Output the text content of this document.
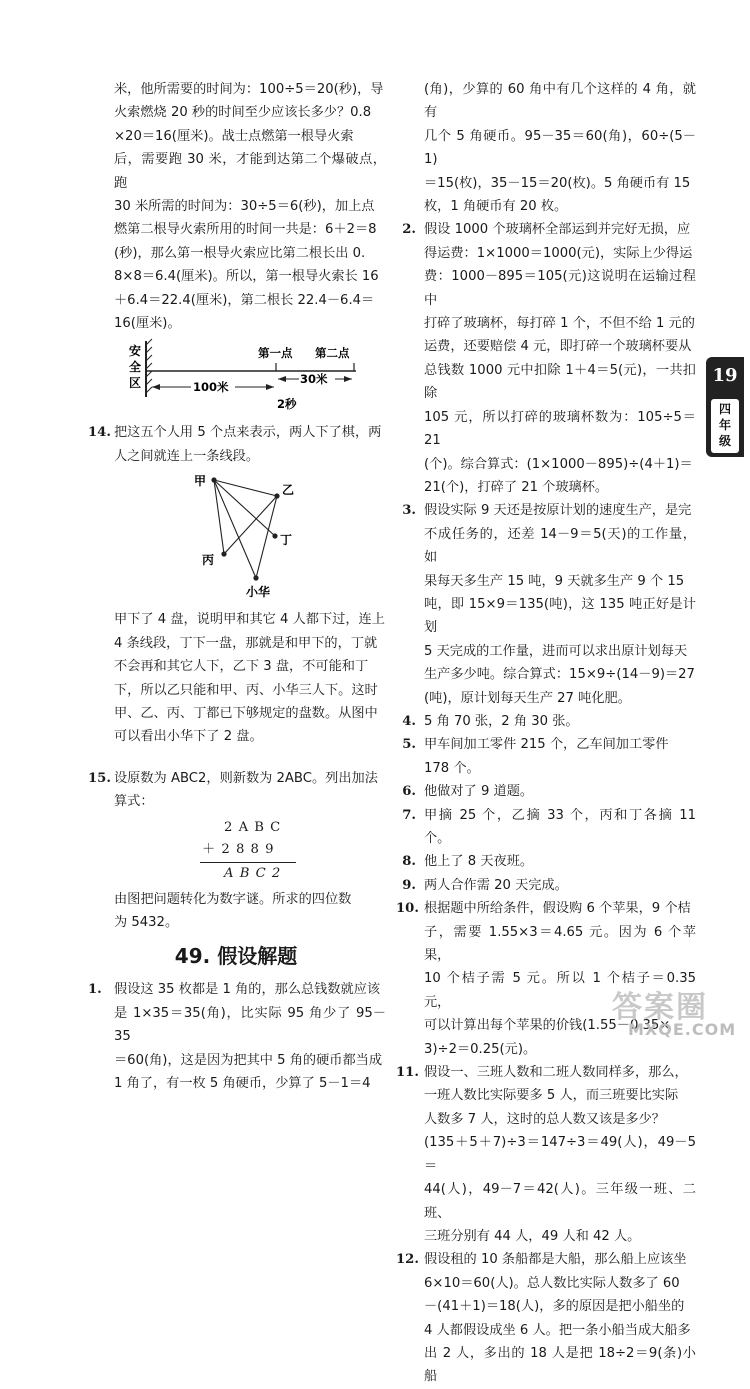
米，他所需要的时间为：100÷5＝20(秒)，导

火索燃烧 20 秒的时间至少应该长多少？0.8

×20＝16(厘米)。战士点燃第一根导火索

后，需要跑 30 米，才能到达第二个爆破点，跑

30 米所需的时间为：30÷5＝6(秒)，加上点

燃第二根导火索所用的时间一共是：6＋2＝8

(秒)，那么第一根导火索应比第二根长出 0.

8×8＝6.4(厘米)。所以，第一根导火索长 16

＋6.4＝22.4(厘米)，第二根长 22.4－6.4＝

16(厘米)。

安
全
区
第一点 第二点
100米
30米
2秒
14. 把这五个人用 5 个点来表示，两人下了棋，两

人之间就连上一条线段。

甲
乙
丁
丙
小华

甲下了 4 盘，说明甲和其它 4 人都下过，连上

4 条线段，丁下一盘，那就是和甲下的，丁就

不会再和其它人下，乙下 3 盘，不可能和丁

下，所以乙只能和甲、丙、小华三人下。这时

甲、乙、丙、丁都已下够规定的盘数。从图中

可以看出小华下了 2 盘。

15. 设原数为 ABC2，则新数为 2ABC。列出加法

算式：

2 A B C
＋ 2 8 8 9
A B C 2

由图把问题转化为数字谜。所求的四位数

为 5432。

49. 假设解题
1. 假设这 35 枚都是 1 角的，那么总钱数就应该

是 1×35＝35(角)，比实际 95 角少了 95－35

＝60(角)，这是因为把其中 5 角的硬币都当成

1 角了，有一枚 5 角硬币，少算了 5－1＝4

(角)，少算的 60 角中有几个这样的 4 角，就有

几个 5 角硬币。95－35＝60(角)，60÷(5－1)

＝15(枚)，35－15＝20(枚)。5 角硬币有 15

枚，1 角硬币有 20 枚。

2. 假设 1000 个玻璃杯全部运到并完好无损，应

得运费：1×1000＝1000(元)，实际上少得运

费：1000－895＝105(元)这说明在运输过程中

打碎了玻璃杯，每打碎 1 个，不但不给 1 元的

运费，还要赔偿 4 元，即打碎一个玻璃杯要从

总钱数 1000 元中扣除 1＋4＝5(元)，一共扣除

105 元，所以打碎的玻璃杯数为：105÷5＝21

(个)。综合算式：(1×1000－895)÷(4＋1)＝

21(个)，打碎了 21 个玻璃杯。

3. 假设实际 9 天还是按原计划的速度生产，是完

不成任务的，还差 14－9＝5(天)的工作量，如

果每天多生产 15 吨，9 天就多生产 9 个 15

吨，即 15×9＝135(吨)，这 135 吨正好是计划

5 天完成的工作量，进而可以求出原计划每天

生产多少吨。综合算式：15×9÷(14－9)＝27

(吨)，原计划每天生产 27 吨化肥。

4. 5 角 70 张，2 角 30 张。

5. 甲车间加工零件 215 个，乙车间加工零件

178 个。

6. 他做对了 9 道题。

7. 甲摘 25 个，乙摘 33 个，丙和丁各摘 11 个。

8. 他上了 8 天夜班。

9. 两人合作需 20 天完成。

10. 根据题中所给条件，假设购 6 个苹果，9 个桔

子，需要 1.55×3＝4.65 元。因为 6 个苹果，

10 个桔子需 5 元。所以 1 个桔子＝0.35 元，

可以计算出每个苹果的价钱(1.55－0.35×

3)÷2＝0.25(元)。

11. 假设一、三班人数和二班人数同样多，那么，

一班人数比实际要多 5 人，而三班要比实际

人数多 7 人，这时的总人数又该是多少？

(135＋5＋7)÷3＝147÷3＝49(人)，49－5＝

44(人)，49－7＝42(人)。三年级一班、二班、

三班分别有 44 人，49 人和 42 人。

12. 假设租的 10 条船都是大船，那么船上应该坐

6×10＝60(人)。总人数比实际人数多了 60

－(41＋1)＝18(人)，多的原因是把小船坐的

4 人都假设成坐 6 人。把一条小船当成大船多

出 2 人，多出的 18 人是把 18÷2＝9(条)小船

19
四
年
级
答案圈
MXQE.COM
